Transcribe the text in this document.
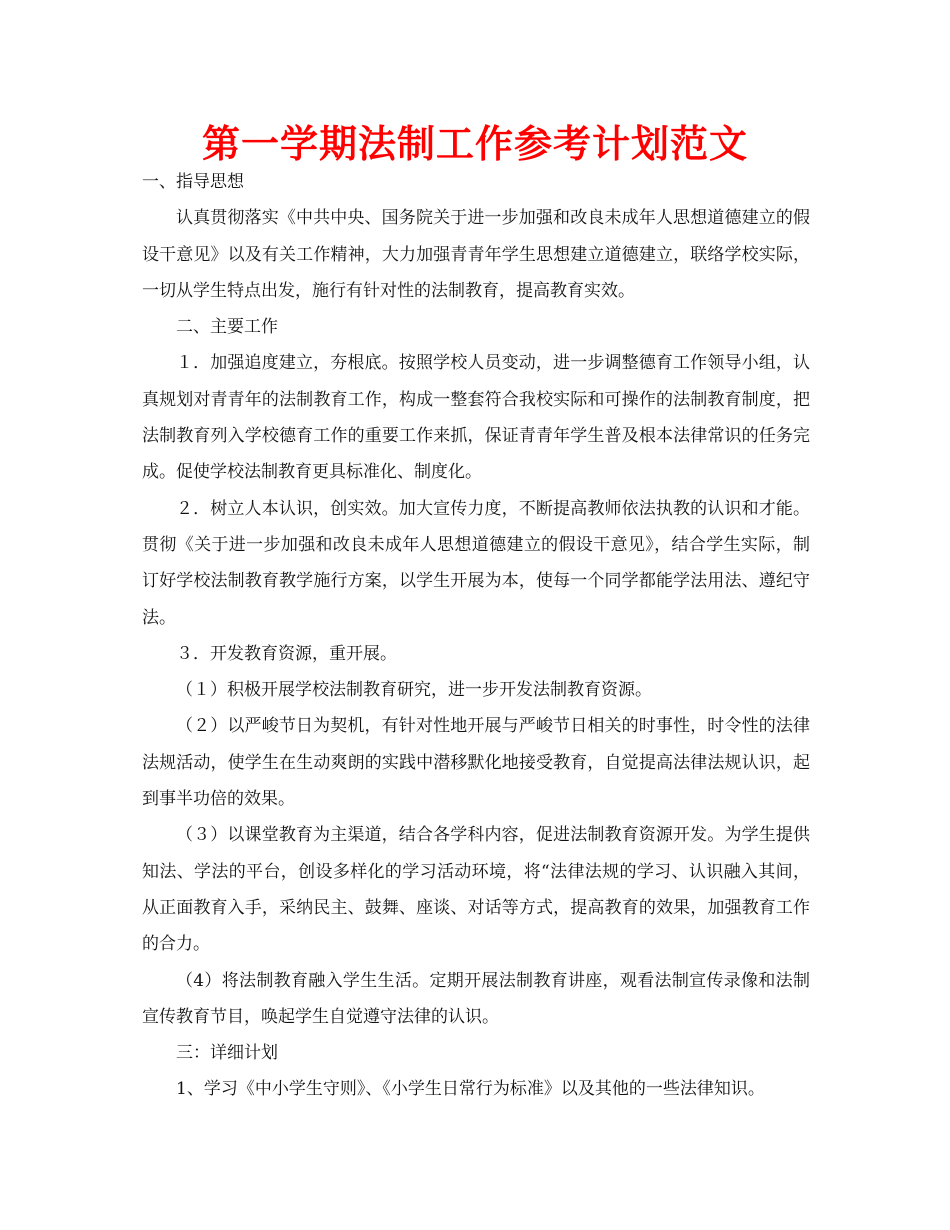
第一学期法制工作参考计划范文

一、指导思想

认真贯彻落实《中共中央、国务院关于进一步加强和改良未成年人思想道德建立的假设干意见》以及有关工作精神，大力加强青青年学生思想建立道德建立，联络学校实际，一切从学生特点出发，施行有针对性的法制教育，提高教育实效。

二、主要工作

１．加强追度建立，夯根底。按照学校人员变动，进一步调整德育工作领导小组，认真规划对青青年的法制教育工作，构成一整套符合我校实际和可操作的法制教育制度，把法制教育列入学校德育工作的重要工作来抓，保证青青年学生普及根本法律常识的任务完成。促使学校法制教育更具标准化、制度化。

２．树立人本认识，创实效。加大宣传力度，不断提高教师依法执教的认识和才能。贯彻《关于进一步加强和改良未成年人思想道德建立的假设干意见》，结合学生实际，制订好学校法制教育教学施行方案，以学生开展为本，使每一个同学都能学法用法、遵纪守法。

３．开发教育资源，重开展。

（１）积极开展学校法制教育研究，进一步开发法制教育资源。

（２）以严峻节日为契机，有针对性地开展与严峻节日相关的时事性，时令性的法律法规活动，使学生在生动爽朗的实践中潜移默化地接受教育，自觉提高法律法规认识，起到事半功倍的效果。

（３）以课堂教育为主渠道，结合各学科内容，促进法制教育资源开发。为学生提供知法、学法的平台，创设多样化的学习活动环境，将“法律法规的学习、认识融入其间，从正面教育入手，采纳民主、鼓舞、座谈、对话等方式，提高教育的效果，加强教育工作的合力。

（4）将法制教育融入学生生活。定期开展法制教育讲座，观看法制宣传录像和法制宣传教育节目，唤起学生自觉遵守法律的认识。

三：详细计划

1、学习《中小学生守则》、《小学生日常行为标准》以及其他的一些法律知识。
